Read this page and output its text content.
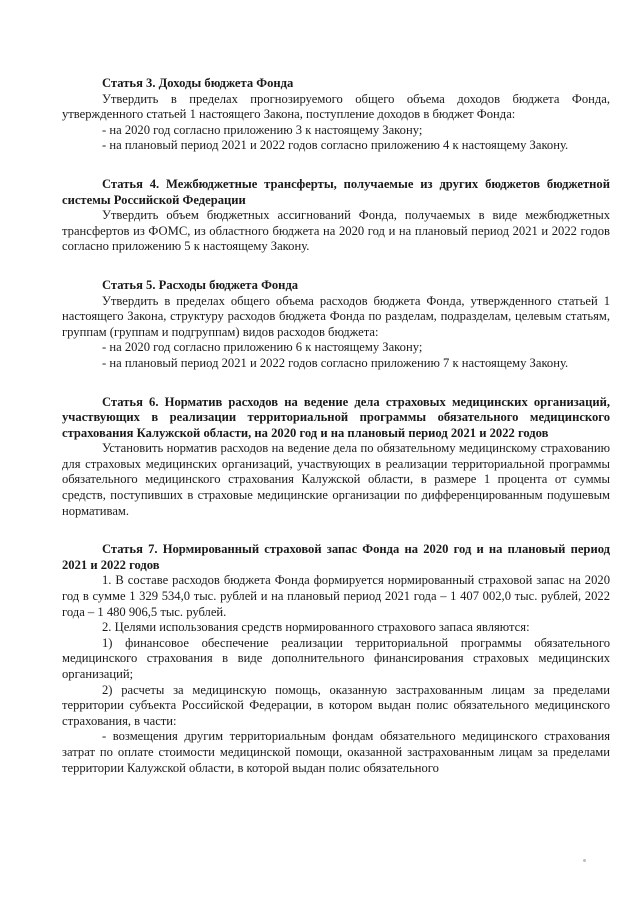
Статья 3. Доходы бюджета Фонда

Утвердить в пределах прогнозируемого общего объема доходов бюджета Фонда, утвержденного статьей 1 настоящего Закона, поступление доходов в бюджет Фонда:

- на 2020 год согласно приложению 3 к настоящему Закону;

- на плановый период 2021 и 2022 годов согласно приложению 4 к настоящему Закону.

Статья 4. Межбюджетные трансферты, получаемые из других бюджетов бюджетной системы Российской Федерации

Утвердить объем бюджетных ассигнований Фонда, получаемых в виде межбюджетных трансфертов из ФОМС, из областного бюджета на 2020 год и на плановый период 2021 и 2022 годов согласно приложению 5 к настоящему Закону.

Статья 5. Расходы бюджета Фонда

Утвердить в пределах общего объема расходов бюджета Фонда, утвержденного статьей 1 настоящего Закона, структуру расходов бюджета Фонда по разделам, подразделам, целевым статьям, группам (группам и подгруппам) видов расходов бюджета:

- на 2020 год согласно приложению 6 к настоящему Закону;

- на плановый период 2021 и 2022 годов согласно приложению 7 к настоящему Закону.

Статья 6. Норматив расходов на ведение дела страховых медицинских организаций, участвующих в реализации территориальной программы обязательного медицинского страхования Калужской области, на 2020 год и на плановый период 2021 и 2022 годов

Установить норматив расходов на ведение дела по обязательному медицинскому страхованию для страховых медицинских организаций, участвующих в реализации территориальной программы обязательного медицинского страхования Калужской области, в размере 1 процента от суммы средств, поступивших в страховые медицинские организации по дифференцированным подушевым нормативам.

Статья 7. Нормированный страховой запас Фонда на 2020 год и на плановый период 2021 и 2022 годов

1. В составе расходов бюджета Фонда формируется нормированный страховой запас на 2020 год в сумме 1 329 534,0 тыс. рублей и на плановый период 2021 года – 1 407 002,0 тыс. рублей, 2022 года – 1 480 906,5 тыс. рублей.

2. Целями использования средств нормированного страхового запаса являются:

1) финансовое обеспечение реализации территориальной программы обязательного медицинского страхования в виде дополнительного финансирования страховых медицинских организаций;

2) расчеты за медицинскую помощь, оказанную застрахованным лицам за пределами территории субъекта Российской Федерации, в котором выдан полис обязательного медицинского страхования, в части:

- возмещения другим территориальным фондам обязательного медицинского страхования затрат по оплате стоимости медицинской помощи, оказанной застрахованным лицам за пределами территории Калужской области, в которой выдан полис обязательного
